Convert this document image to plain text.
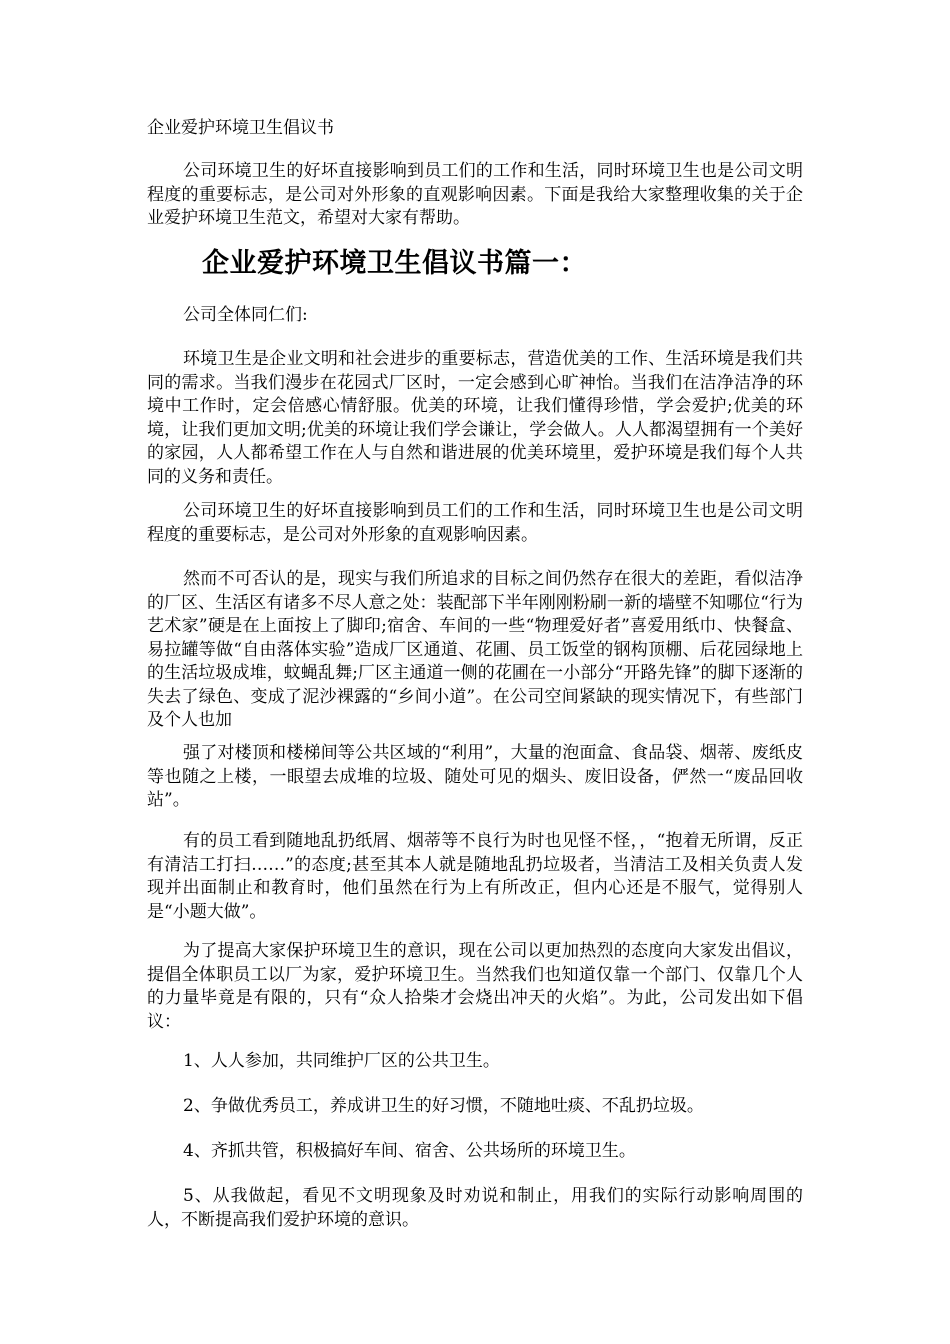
企业爱护环境卫生倡议书

公司环境卫生的好坏直接影响到员工们的工作和生活，同时环境卫生也是公司文明程度的重要标志，是公司对外形象的直观影响因素。下面是我给大家整理收集的关于企业爱护环境卫生范文，希望对大家有帮助。

企业爱护环境卫生倡议书篇一：

公司全体同仁们:

环境卫生是企业文明和社会进步的重要标志，营造优美的工作、生活环境是我们共同的需求。当我们漫步在花园式厂区时，一定会感到心旷神怡。当我们在洁净洁净的环境中工作时，定会倍感心情舒服。优美的环境，让我们懂得珍惜，学会爱护;优美的环境，让我们更加文明;优美的环境让我们学会谦让，学会做人。人人都渴望拥有一个美好的家园，人人都希望工作在人与自然和谐进展的优美环境里，爱护环境是我们每个人共同的义务和责任。

公司环境卫生的好坏直接影响到员工们的工作和生活，同时环境卫生也是公司文明程度的重要标志，是公司对外形象的直观影响因素。

然而不可否认的是，现实与我们所追求的目标之间仍然存在很大的差距，看似洁净的厂区、生活区有诸多不尽人意之处：装配部下半年刚刚粉刷一新的墙壁不知哪位“行为艺术家”硬是在上面按上了脚印;宿舍、车间的一些“物理爱好者”喜爱用纸巾、快餐盒、易拉罐等做“自由落体实验”造成厂区通道、花圃、员工饭堂的钢构顶棚、后花园绿地上的生活垃圾成堆，蚊蝇乱舞;厂区主通道一侧的花圃在一小部分“开路先锋”的脚下逐渐的失去了绿色、变成了泥沙裸露的“乡间小道”。在公司空间紧缺的现实情况下，有些部门及个人也加

强了对楼顶和楼梯间等公共区域的“利用”，大量的泡面盒、食品袋、烟蒂、废纸皮等也随之上楼，一眼望去成堆的垃圾、随处可见的烟头、废旧设备，俨然一“废品回收站”。

有的员工看到随地乱扔纸屑、烟蒂等不良行为时也见怪不怪，，“抱着无所谓，反正有清洁工打扫……”的态度;甚至其本人就是随地乱扔垃圾者，当清洁工及相关负责人发现并出面制止和教育时，他们虽然在行为上有所改正，但内心还是不服气，觉得别人是“小题大做”。

为了提高大家保护环境卫生的意识，现在公司以更加热烈的态度向大家发出倡议，提倡全体职员工以厂为家，爱护环境卫生。当然我们也知道仅靠一个部门、仅靠几个人的力量毕竟是有限的，只有“众人拾柴才会烧出冲天的火焰”。为此，公司发出如下倡议：

1、人人参加，共同维护厂区的公共卫生。

2、争做优秀员工，养成讲卫生的好习惯，不随地吐痰、不乱扔垃圾。

4、齐抓共管，积极搞好车间、宿舍、公共场所的环境卫生。

5、从我做起，看见不文明现象及时劝说和制止，用我们的实际行动影响周围的人，不断提高我们爱护环境的意识。
